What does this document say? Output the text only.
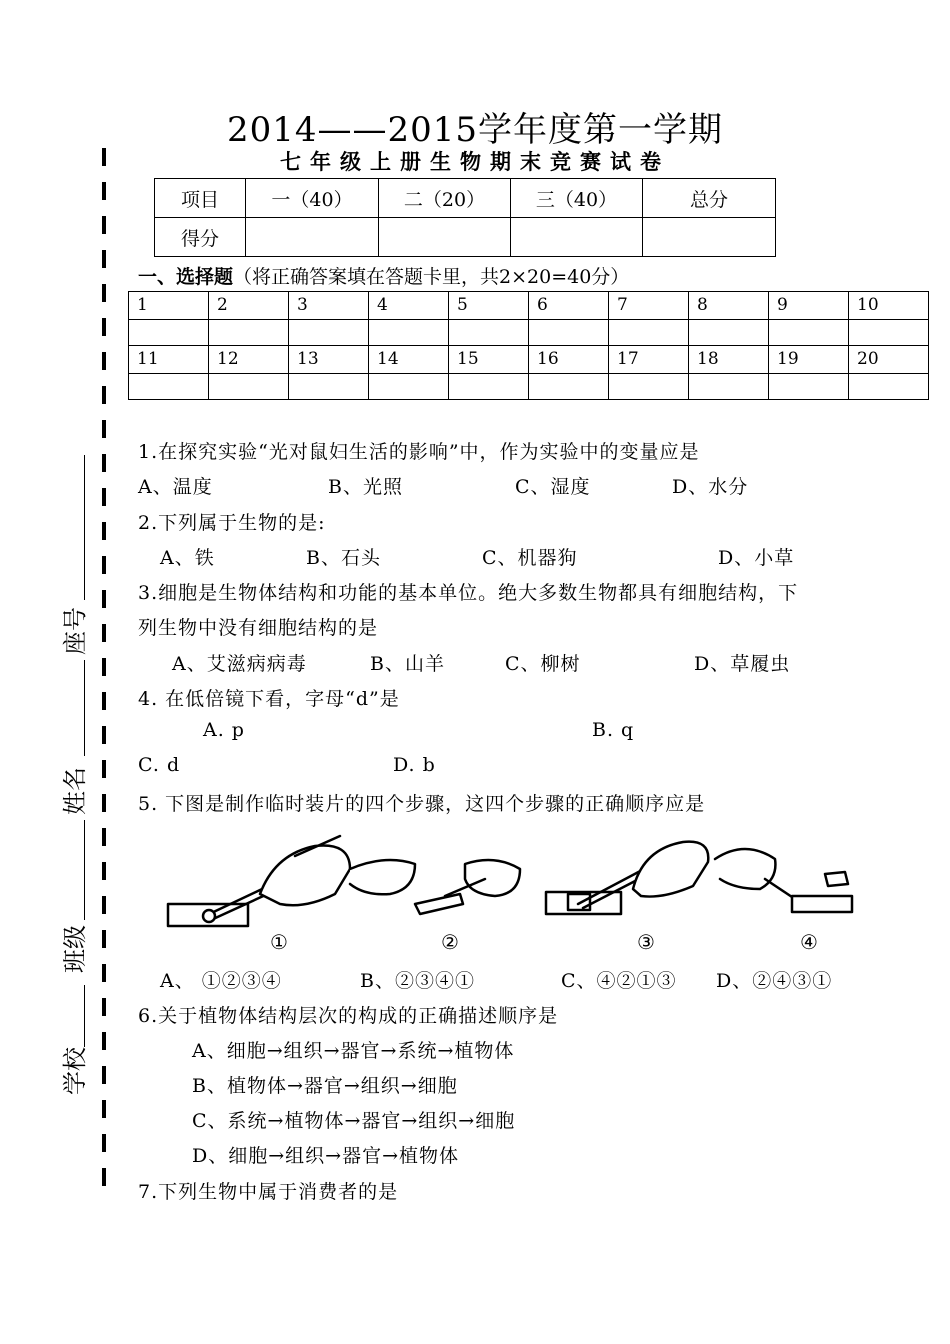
学校
班级
姓名
座号
2014——2015学年度第一学期
七年级上册生物期末竞赛试卷
项目	一（40）	二（20）	三（40）	总分
得分				
一、选择题（将正确答案填在答题卡里，共2×20=40分）
1	2	3	4	5	6	7	8	9	10

11	12	13	14	15	16	17	18	19	20

1.在探究实验“光对鼠妇生活的影响”中，作为实验中的变量应是
A、温度	B、光照	C、湿度	D、水分
2.下列属于生物的是:
A、铁	B、石头	C、机器狗	D、小草
3.细胞是生物体结构和功能的基本单位。绝大多数生物都具有细胞结构，下
列生物中没有细胞结构的是
A、艾滋病病毒	B、山羊	C、柳树	D、草履虫
4. 在低倍镜下看，字母“d”是
A. p	B. q
C. d	D. b
5. 下图是制作临时装片的四个步骤，这四个步骤的正确顺序应是
①	②	③	④
A、 ①②③④	B、②③④①	C、④②①③ D、②④③①
6.关于植物体结构层次的构成的正确描述顺序是
A、细胞→组织→器官→系统→植物体
B、植物体→器官→组织→细胞
C、系统→植物体→器官→组织→细胞
D、细胞→组织→器官→植物体
7.下列生物中属于消费者的是
